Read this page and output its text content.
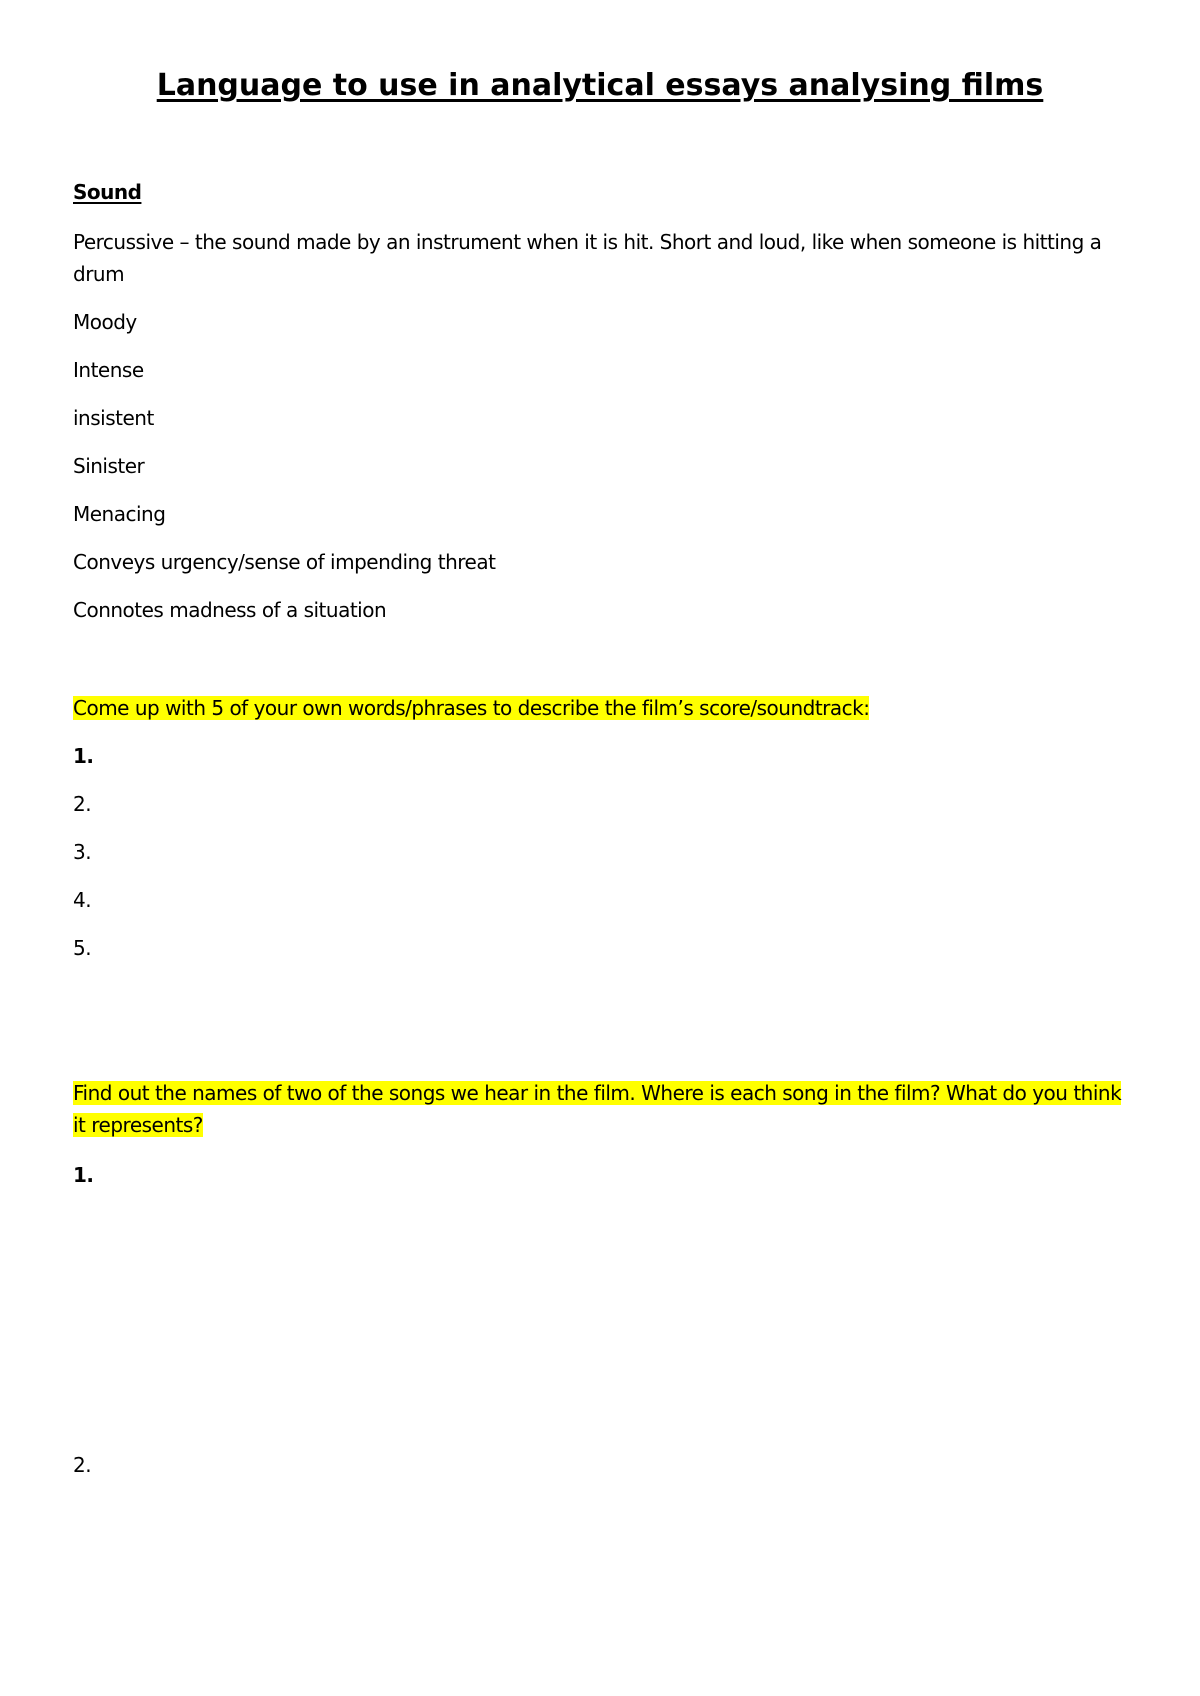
Language to use in analytical essays analysing films
Sound

Percussive – the sound made by an instrument when it is hit. Short and loud, like when someone is hitting a drum

Moody
Intense
insistent
Sinister
Menacing
Conveys urgency/sense of impending threat
Connotes madness of a situation
Come up with 5 of your own words/phrases to describe the film’s score/soundtrack:
1.
2.
3.
4.
5.

Find out the names of two of the songs we hear in the film. Where is each song in the film? What do you think it represents?

1.
2.
